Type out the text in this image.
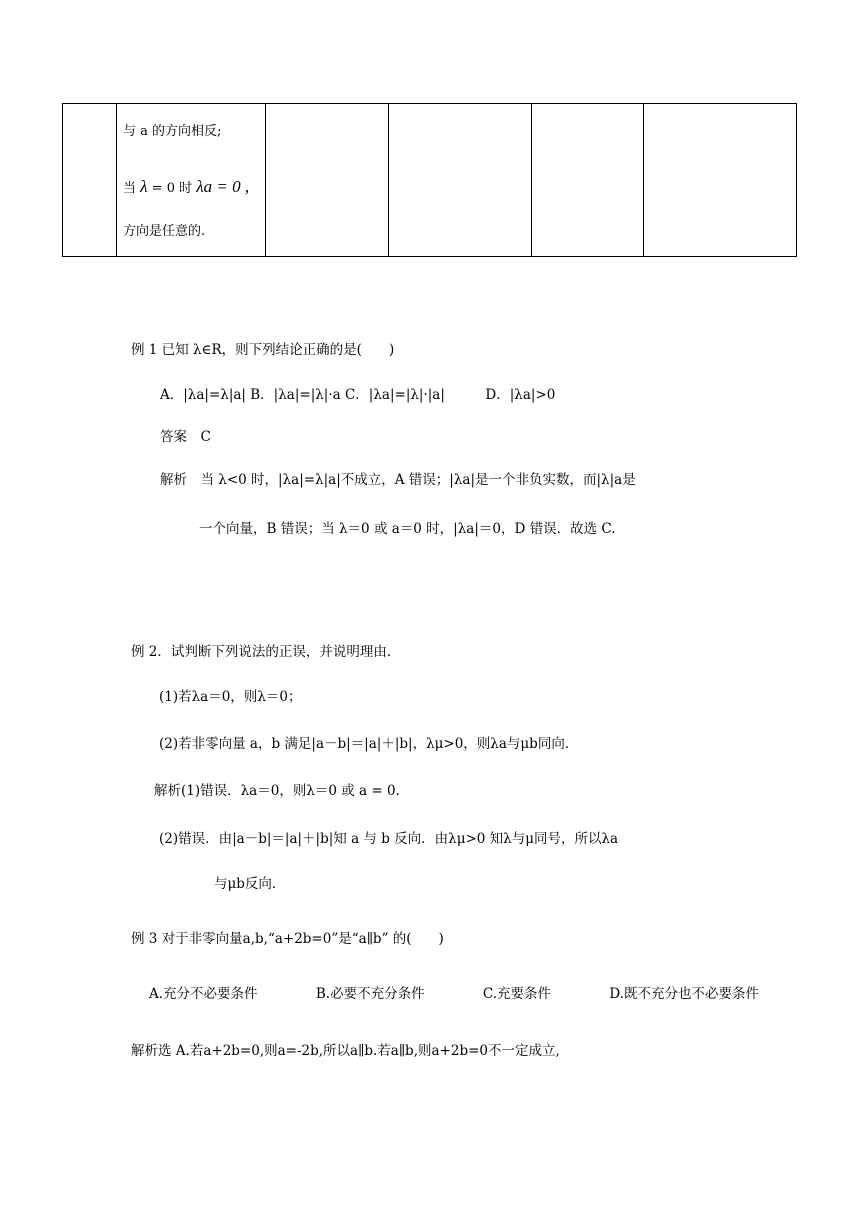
与 a 的方向相反;
当 λ = 0 时 λa = 0 ,
方向是任意的.
例 1 已知 λ∈R，则下列结论正确的是(　　)
A．|λa|=λ|a| B．|λa|=|λ|·a C．|λa|=|λ|·|a|　　　D．|λa|>0
答案　C
解析　当 λ<0 时，|λa|=λ|a|不成立，A 错误；|λa|是一个非负实数，而|λ|a是
一个向量，B 错误；当 λ＝0 或 a＝0 时，|λa|＝0，D 错误．故选 C.
例 2．试判断下列说法的正误，并说明理由．
(1)若λa＝0，则λ＝0；
(2)若非零向量 a，b 满足|a－b|＝|a|＋|b|，λμ>0，则λa与μb同向．
解析(1)错误．λa＝0，则λ＝0 或 a = 0.
(2)错误．由|a－b|＝|a|＋|b|知 a 与 b 反向．由λμ>0 知λ与μ同号，所以λa
与μb反向．
例 3 对于非零向量a,b,“a+2b=0”是“a∥b” 的(　　)
A.充分不必要条件	B.必要不充分条件	C.充要条件	D.既不充分也不必要条件
解析选 A.若a+2b=0,则a=-2b,所以a∥b.若a∥b,则a+2b=0不一定成立,
